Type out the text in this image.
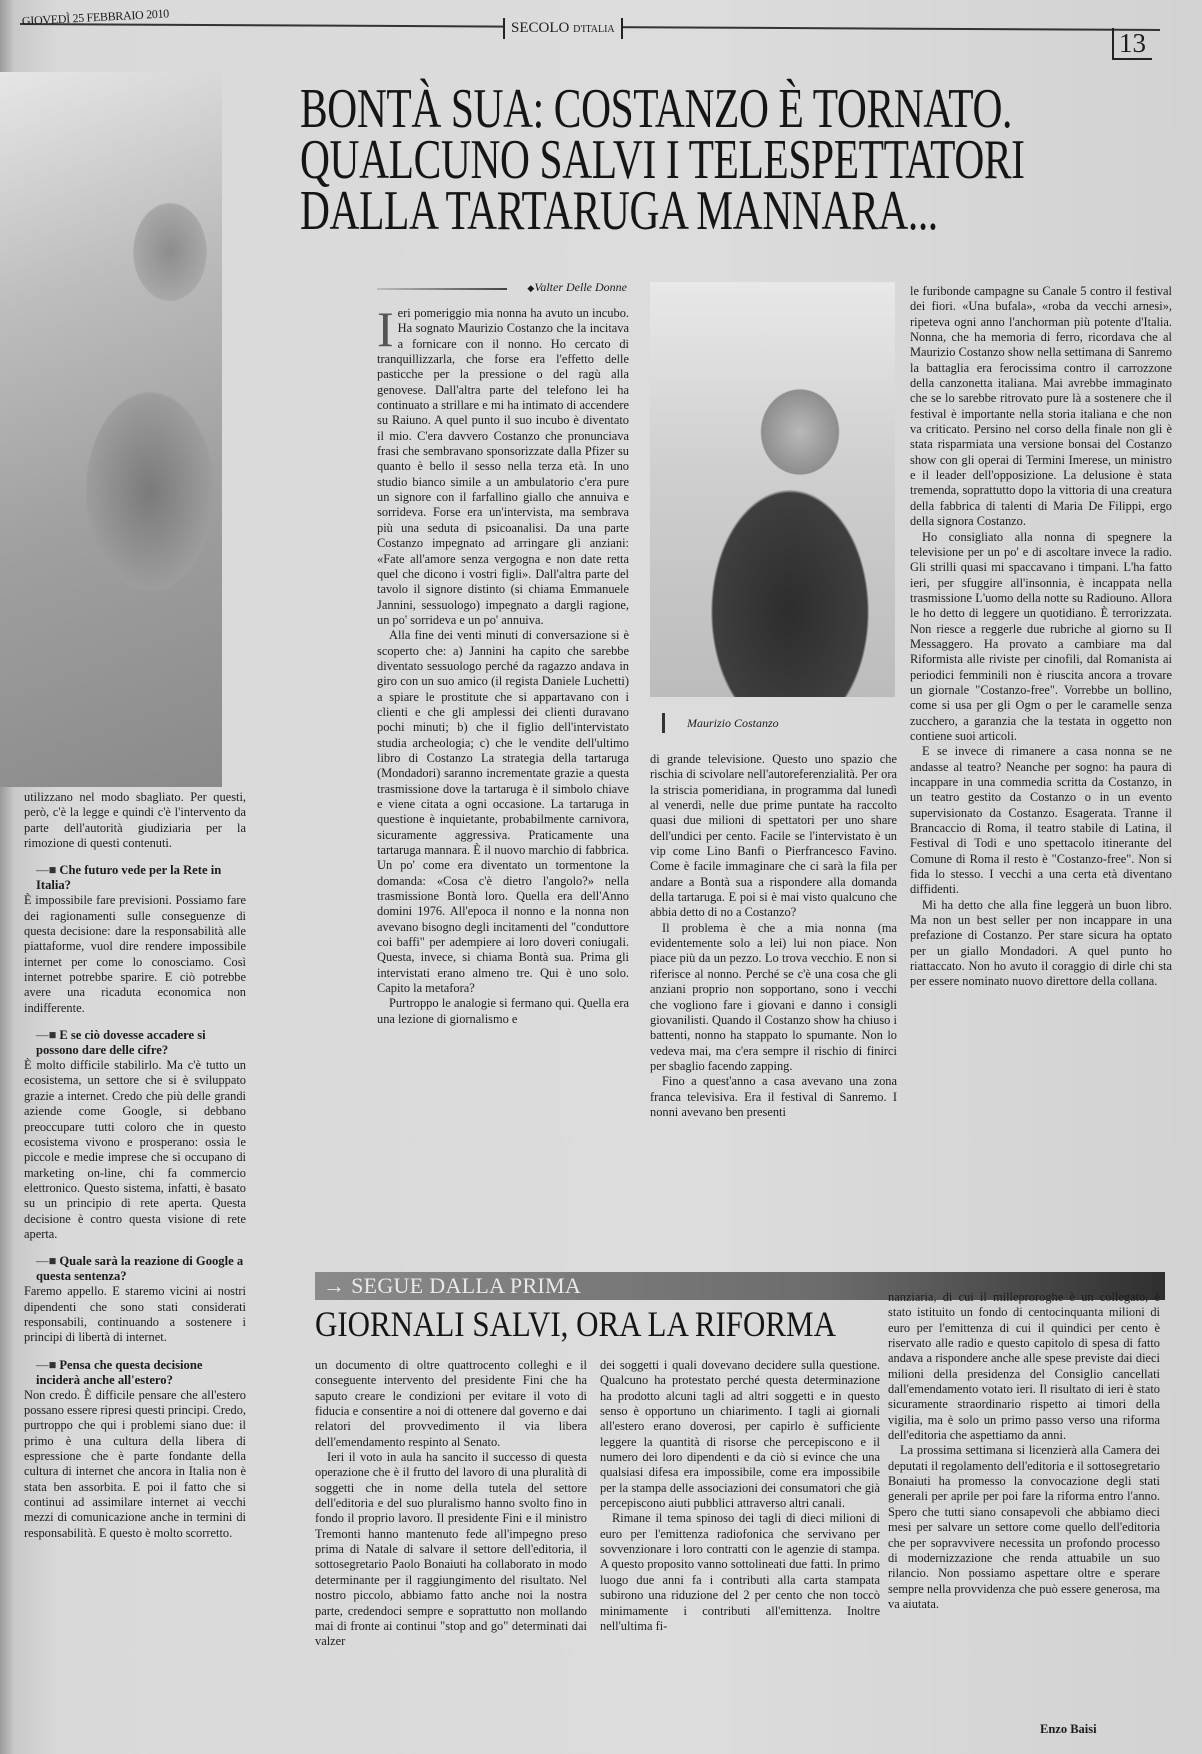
GIOVEDÌ 25 FEBBRAIO 2010
SECOLO D'ITALIA	13
BONTÀ SUA: COSTANZO È TORNATO.
QUALCUNO SALVI I TELESPETTATORI
DALLA TARTARUGA MANNARA...
◆ Valter Delle Donne

Ieri pomeriggio mia nonna ha avuto un incubo. Ha sognato Maurizio Costanzo che la incitava a fornicare con il nonno. Ho cercato di tranquillizzarla, che forse era l'effetto delle pasticche per la pressione o del ragù alla genovese. Dall'altra parte del telefono lei ha continuato a strillare e mi ha intimato di accendere su Raiuno. A quel punto il suo incubo è diventato il mio. C'era davvero Costanzo che pronunciava frasi che sembravano sponsorizzate dalla Pfizer su quanto è bello il sesso nella terza età. In uno studio bianco simile a un ambulatorio c'era pure un signore con il farfallino giallo che annuiva e sorrideva. Forse era un'intervista, ma sembrava più una seduta di psicoanalisi. Da una parte Costanzo impegnato ad arringare gli anziani: «Fate all'amore senza vergogna e non date retta quel che dicono i vostri figli». Dall'altra parte del tavolo il signore distinto (si chiama Emmanuele Jannini, sessuologo) impegnato a dargli ragione, un po' sorrideva e un po' annuiva.

Alla fine dei venti minuti di conversazione si è scoperto che: a) Jannini ha capito che sarebbe diventato sessuologo perché da ragazzo andava in giro con un suo amico (il regista Daniele Luchetti) a spiare le prostitute che si appartavano con i clienti e che gli amplessi dei clienti duravano pochi minuti; b) che il figlio dell'intervistato studia archeologia; c) che le vendite dell'ultimo libro di Costanzo La strategia della tartaruga (Mondadori) saranno incrementate grazie a questa trasmissione dove la tartaruga è il simbolo chiave e viene citata a ogni occasione. La tartaruga in questione è inquietante, probabilmente carnivora, sicuramente aggressiva. Praticamente una tartaruga mannara. È il nuovo marchio di fabbrica. Un po' come era diventato un tormentone la domanda: «Cosa c'è dietro l'angolo?» nella trasmissione Bontà loro. Quella era dell'Anno domini 1976. All'epoca il nonno e la nonna non avevano bisogno degli incitamenti del "conduttore coi baffi" per adempiere ai loro doveri coniugali. Questa, invece, si chiama Bontà sua. Prima gli intervistati erano almeno tre. Qui è uno solo. Capito la metafora?

Purtroppo le analogie si fermano qui. Quella era una lezione di giornalismo e

Maurizio Costanzo

di grande televisione. Questo uno spazio che rischia di scivolare nell'autoreferenzialità. Per ora la striscia pomeridiana, in programma dal lunedì al venerdì, nelle due prime puntate ha raccolto quasi due milioni di spettatori per uno share dell'undici per cento. Facile se l'intervistato è un vip come Lino Banfi o Pierfrancesco Favino. Come è facile immaginare che ci sarà la fila per andare a Bontà sua a rispondere alla domanda della tartaruga. E poi si è mai visto qualcuno che abbia detto di no a Costanzo?

Il problema è che a mia nonna (ma evidentemente solo a lei) lui non piace. Non piace più da un pezzo. Lo trova vecchio. E non si riferisce al nonno. Perché se c'è una cosa che gli anziani proprio non sopportano, sono i vecchi che vogliono fare i giovani e danno i consigli giovanilisti. Quando il Costanzo show ha chiuso i battenti, nonno ha stappato lo spumante. Non lo vedeva mai, ma c'era sempre il rischio di finirci per sbaglio facendo zapping.

Fino a quest'anno a casa avevano una zona franca televisiva. Era il festival di Sanremo. I nonni avevano ben presenti

le furibonde campagne su Canale 5 contro il festival dei fiori. «Una bufala», «roba da vecchi arnesi», ripeteva ogni anno l'anchorman più potente d'Italia. Nonna, che ha memoria di ferro, ricordava che al Maurizio Costanzo show nella settimana di Sanremo la battaglia era ferocissima contro il carrozzone della canzonetta italiana. Mai avrebbe immaginato che se lo sarebbe ritrovato pure là a sostenere che il festival è importante nella storia italiana e che non va criticato. Persino nel corso della finale non gli è stata risparmiata una versione bonsai del Costanzo show con gli operai di Termini Imerese, un ministro e il leader dell'opposizione. La delusione è stata tremenda, soprattutto dopo la vittoria di una creatura della fabbrica di talenti di Maria De Filippi, ergo della signora Costanzo.

Ho consigliato alla nonna di spegnere la televisione per un po' e di ascoltare invece la radio. Gli strilli quasi mi spaccavano i timpani. L'ha fatto ieri, per sfuggire all'insonnia, è incappata nella trasmissione L'uomo della notte su Radiouno. Allora le ho detto di leggere un quotidiano. È terrorizzata. Non riesce a reggerle due rubriche al giorno su Il Messaggero. Ha provato a cambiare ma dal Riformista alle riviste per cinofili, dal Romanista ai periodici femminili non è riuscita ancora a trovare un giornale "Costanzo-free". Vorrebbe un bollino, come si usa per gli Ogm o per le caramelle senza zucchero, a garanzia che la testata in oggetto non contiene suoi articoli.

E se invece di rimanere a casa nonna se ne andasse al teatro? Neanche per sogno: ha paura di incappare in una commedia scritta da Costanzo, in un teatro gestito da Costanzo o in un evento supervisionato da Costanzo. Esagerata. Tranne il Brancaccio di Roma, il teatro stabile di Latina, il Festival di Todi e uno spettacolo itinerante del Comune di Roma il resto è "Costanzo-free". Non si fida lo stesso. I vecchi a una certa età diventano diffidenti.

Mi ha detto che alla fine leggerà un buon libro. Ma non un best seller per non incappare in una prefazione di Costanzo. Per stare sicura ha optato per un giallo Mondadori. A quel punto ho riattaccato. Non ho avuto il coraggio di dirle chi sta per essere nominato nuovo direttore della collana.

utilizzano nel modo sbagliato. Per questi, però, c'è la legge e quindi c'è l'intervento da parte dell'autorità giudiziaria per la rimozione di questi contenuti.

—■ Che futuro vede per la Rete in Italia?

È impossibile fare previsioni. Possiamo fare dei ragionamenti sulle conseguenze di questa decisione: dare la responsabilità alle piattaforme, vuol dire rendere impossibile internet per come lo conosciamo. Così internet potrebbe sparire. E ciò potrebbe avere una ricaduta economica non indifferente.

—■ E se ciò dovesse accadere si possono dare delle cifre?

È molto difficile stabilirlo. Ma c'è tutto un ecosistema, un settore che si è sviluppato grazie a internet. Credo che più delle grandi aziende come Google, si debbano preoccupare tutti coloro che in questo ecosistema vivono e prosperano: ossia le piccole e medie imprese che si occupano di marketing on-line, chi fa commercio elettronico. Questo sistema, infatti, è basato su un principio di rete aperta. Questa decisione è contro questa visione di rete aperta.

—■ Quale sarà la reazione di Google a questa sentenza?

Faremo appello. E staremo vicini ai nostri dipendenti che sono stati considerati responsabili, continuando a sostenere i principi di libertà di internet.

—■ Pensa che questa decisione inciderà anche all'estero?

Non credo. È difficile pensare che all'estero possano essere ripresi questi principi. Credo, purtroppo che qui i problemi siano due: il primo è una cultura della libera di espressione che è parte fondante della cultura di internet che ancora in Italia non è stata ben assorbita. E poi il fatto che si continui ad assimilare internet ai vecchi mezzi di comunicazione anche in termini di responsabilità. E questo è molto scorretto.

→ SEGUE DALLA PRIMA
GIORNALI SALVI, ORA LA RIFORMA

un documento di oltre quattrocento colleghi e il conseguente intervento del presidente Fini che ha saputo creare le condizioni per evitare il voto di fiducia e consentire a noi di ottenere dal governo e dai relatori del provvedimento il via libera dell'emendamento respinto al Senato.

Ieri il voto in aula ha sancito il successo di questa operazione che è il frutto del lavoro di una pluralità di soggetti che in nome della tutela del settore dell'editoria e del suo pluralismo hanno svolto fino in fondo il proprio lavoro. Il presidente Fini e il ministro Tremonti hanno mantenuto fede all'impegno preso prima di Natale di salvare il settore dell'editoria, il sottosegretario Paolo Bonaiuti ha collaborato in modo determinante per il raggiungimento del risultato. Nel nostro piccolo, abbiamo fatto anche noi la nostra parte, credendoci sempre e soprattutto non mollando mai di fronte ai continui "stop and go" determinati dai valzer

dei soggetti i quali dovevano decidere sulla questione. Qualcuno ha protestato perché questa determinazione ha prodotto alcuni tagli ad altri soggetti e in questo senso è opportuno un chiarimento. I tagli ai giornali all'estero erano doverosi, per capirlo è sufficiente leggere la quantità di risorse che percepiscono e il numero dei loro dipendenti e da ciò si evince che una qualsiasi difesa era impossibile, come era impossibile per la stampa delle associazioni dei consumatori che già percepiscono aiuti pubblici attraverso altri canali.

Rimane il tema spinoso dei tagli di dieci milioni di euro per l'emittenza radiofonica che servivano per sovvenzionare i loro contratti con le agenzie di stampa. A questo proposito vanno sottolineati due fatti. In primo luogo due anni fa i contributi alla carta stampata subirono una riduzione del 2 per cento che non toccò minimamente i contributi all'emittenza. Inoltre nell'ultima fi-

nanziaria, di cui il milleproroghe è un collegato, è stato istituito un fondo di centocinquanta milioni di euro per l'emittenza di cui il quindici per cento è riservato alle radio e questo capitolo di spesa di fatto andava a rispondere anche alle spese previste dai dieci milioni della presidenza del Consiglio cancellati dall'emendamento votato ieri. Il risultato di ieri è stato sicuramente straordinario rispetto ai timori della vigilia, ma è solo un primo passo verso una riforma dell'editoria che aspettiamo da anni.

La prossima settimana si licenzierà alla Camera dei deputati il regolamento dell'editoria e il sottosegretario Bonaiuti ha promesso la convocazione degli stati generali per aprile per poi fare la riforma entro l'anno. Spero che tutti siano consapevoli che abbiamo dieci mesi per salvare un settore come quello dell'editoria che per sopravvivere necessita un profondo processo di modernizzazione che renda attuabile un suo rilancio. Non possiamo aspettare oltre e sperare sempre nella provvidenza che può essere generosa, ma va aiutata.

Enzo Baisi
